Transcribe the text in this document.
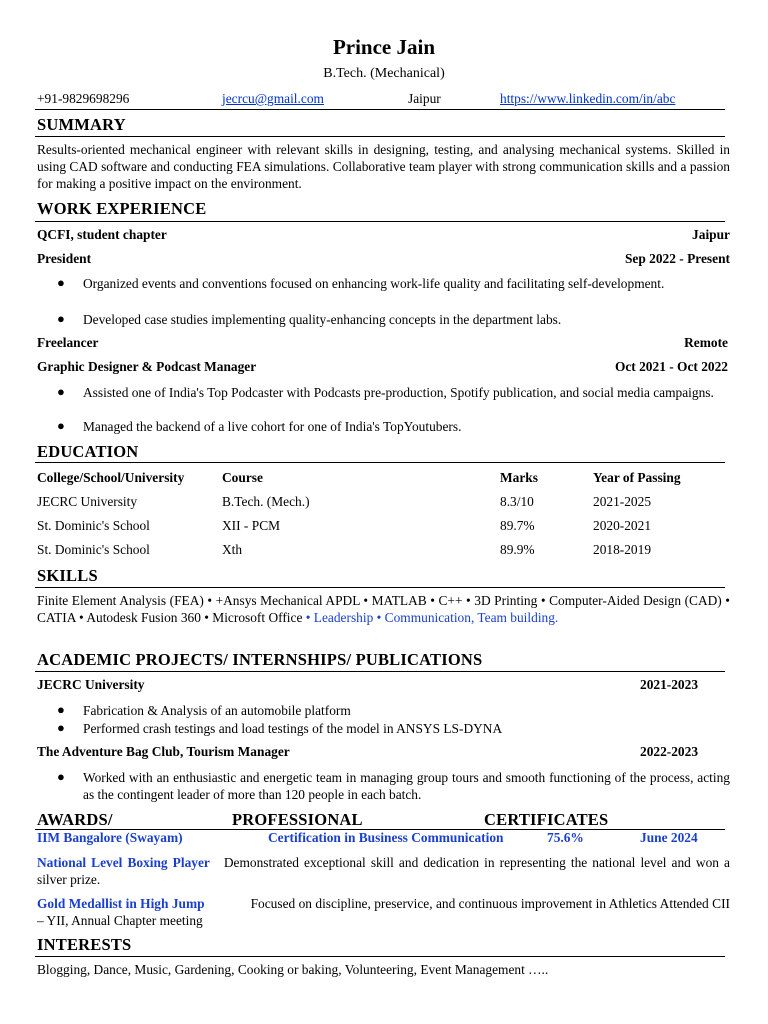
Prince Jain
B.Tech. (Mechanical)
+91-9829698296	jecrcu@gmail.com	Jaipur	https://www.linkedin.com/in/abc
SUMMARY
Results-oriented mechanical engineer with relevant skills in designing, testing, and analysing mechanical systems. Skilled in using CAD software and conducting FEA simulations. Collaborative team player with strong communication skills and a passion for making a positive impact on the environment.
WORK EXPERIENCE
QCFI, student chapter	Jaipur
President	Sep 2022 - Present
●	Organized events and conventions focused on enhancing work-life quality and facilitating self-development.
●	Developed case studies implementing quality-enhancing concepts in the department labs.
Freelancer	Remote
Graphic Designer & Podcast Manager	Oct 2021 - Oct 2022
●	Assisted one of India's Top Podcaster with Podcasts pre-production, Spotify publication, and social media campaigns.
●	Managed the backend of a live cohort for one of India's TopYoutubers.
EDUCATION
College/School/University	Course	Marks	Year of Passing
JECRC University	B.Tech. (Mech.)	8.3/10	2021-2025
St. Dominic's School	XII - PCM	89.7%	2020-2021
St. Dominic's School	Xth	89.9%	2018-2019
SKILLS
Finite Element Analysis (FEA) • +Ansys Mechanical APDL • MATLAB • C++ • 3D Printing • Computer-Aided Design (CAD) • CATIA • Autodesk Fusion 360 • Microsoft Office • Leadership • Communication, Team building.
ACADEMIC PROJECTS/ INTERNSHIPS/ PUBLICATIONS
JECRC University	2021-2023
●	Fabrication & Analysis of an automobile platform
●	Performed crash testings and load testings of the model in ANSYS LS-DYNA
The Adventure Bag Club, Tourism Manager	2022-2023
●	Worked with an enthusiastic and energetic team in managing group tours and smooth functioning of the process, acting as the contingent leader of more than 120 people in each batch.
AWARDS/	PROFESSIONAL	CERTIFICATES
IIM Bangalore (Swayam)	Certification in Business Communication	75.6%	June 2024
National Level Boxing Player Demonstrated exceptional skill and dedication in representing the national level and won a silver prize.
Gold Medallist in High Jump	Focused on discipline, preservice, and continuous improvement in Athletics Attended CII – YII, Annual Chapter meeting
INTERESTS
Blogging, Dance, Music, Gardening, Cooking or baking, Volunteering, Event Management …..
